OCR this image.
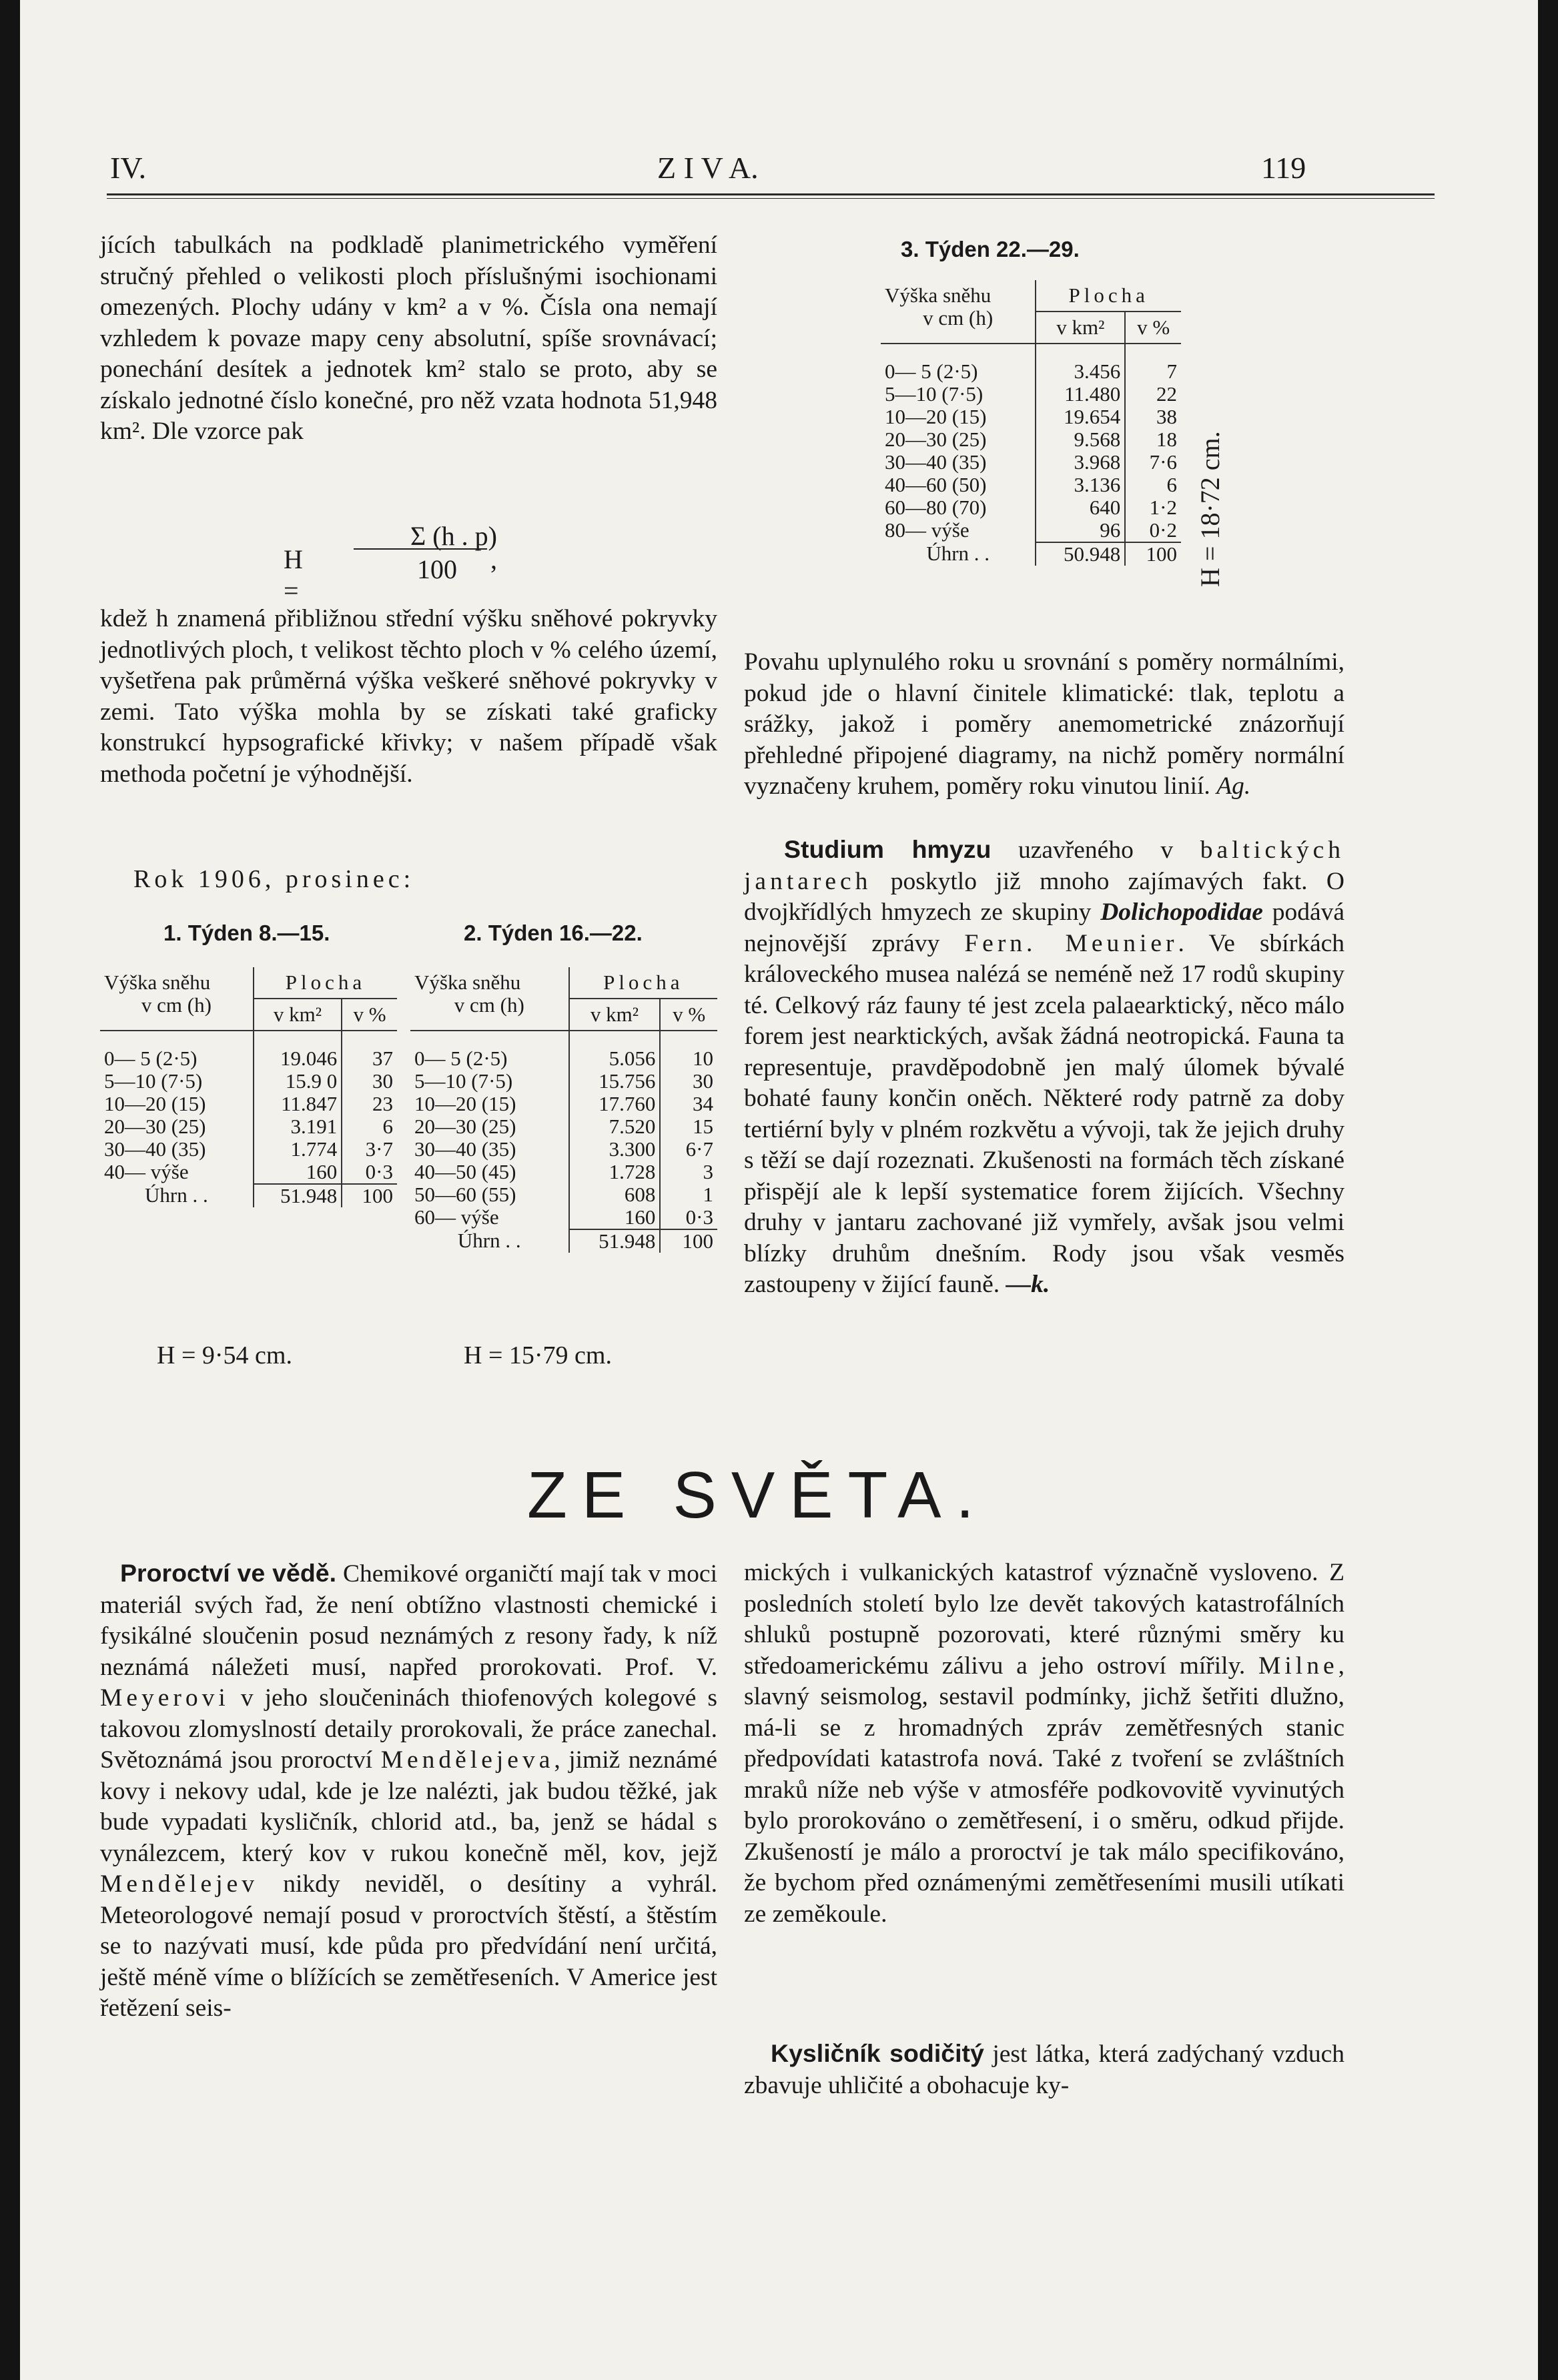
IV.	Z I V A.	119

jících tabulkách na podkladě planimetrického vyměření stručný přehled o velikosti ploch příslušnými isochionami omezených. Plochy udány v km² a v %. Čísla ona nemají vzhledem k povaze mapy ceny absolutní, spíše srovnávací; ponechání desítek a jednotek km² stalo se proto, aby se získalo jednotné číslo konečné, pro něž vzata hodnota 51,948 km². Dle vzorce pak

H =
Σ (h . p)
100 ,

kdež h znamená přibližnou střední výšku sněhové pokryvky jednotlivých ploch, t velikost těchto ploch v % celého území, vyšetřena pak průměrná výška veškeré sněhové pokryvky v zemi. Tato výška mohla by se získati také graficky konstrukcí hypsografické křivky; v našem případě však methoda početní je výhodnější.

Rok 1906, prosinec:
1. Týden 8.—15.
Výška sněhu
v cm (h)	Plocha	
	v km²	v %
0— 5 (2·5)	19.046	37
5—10 (7·5)	15.9 0	30
10—20 (15)	11.847	23
20—30 (25)	3.191	6
30—40 (35)	1.774	3·7
40— výše	160	0·3
Úhrn . .	51.948	100
H = 9·54 cm.
2. Týden 16.—22.
Výška sněhu
v cm (h)	Plocha	
	v km²	v %
0— 5 (2·5)	5.056	10
5—10 (7·5)	15.756	30
10—20 (15)	17.760	34
20—30 (25)	7.520	15
30—40 (35)	3.300	6·7
40—50 (45)	1.728	3
50—60 (55)	608	1
60— výše	160	0·3
Úhrn . .	51.948	100
H = 15·79 cm.
3. Týden 22.—29.
Výška sněhu
v cm (h)	Plocha	
	v km²	v %
0— 5 (2·5)	3.456	7
5—10 (7·5)	11.480	22
10—20 (15)	19.654	38
20—30 (25)	9.568	18
30—40 (35)	3.968	7·6
40—60 (50)	3.136	6
60—80 (70)	640	1·2
80— výše	96	0·2
Úhrn . .	50.948	100 H = 18·72 cm.

Povahu uplynulého roku u srovnání s poměry normálními, pokud jde o hlavní činitele klimatické: tlak, teplotu a srážky, jakož i poměry anemometrické znázorňují přehledné připojené diagramy, na nichž poměry normální vyznačeny kruhem, poměry roku vinutou linií. Ag.

Studium hmyzu uzavřeného v baltických jantarech poskytlo již mnoho zajímavých fakt. O dvojkřídlých hmyzech ze skupiny Dolichopodidae podává nejnovější zprávy Fern. Meunier. Ve sbírkách královeckého musea nalézá se neméně než 17 rodů skupiny té. Celkový ráz fauny té jest zcela palaearktický, něco málo forem jest nearktických, avšak žádná neotropická. Fauna ta representuje, pravděpodobně jen malý úlomek bývalé bohaté fauny končin oněch. Některé rody patrně za doby tertiérní byly v plném rozkvětu a vývoji, tak že jejich druhy s těží se dají rozeznati. Zkušenosti na formách těch získané přispějí ale k lepší systematice forem žijících. Všechny druhy v jantaru zachované již vymřely, avšak jsou velmi blízky druhům dnešním. Rody jsou však vesměs zastoupeny v žijící fauně. —k.

ZE SVĚTA.

Proroctví ve vědě. Chemikové organičtí mají tak v moci materiál svých řad, že není obtížno vlastnosti chemické i fysikálné sloučenin posud neznámých z resony řady, k níž neznámá náležeti musí, napřed prorokovati. Prof. V. Meyerovi v jeho sloučeninách thiofenových kolegové s takovou zlomyslností detaily prorokovali, že práce zanechal. Světoznámá jsou proroctví Mendělejeva, jimiž neznámé kovy i nekovy udal, kde je lze nalézti, jak budou těžké, jak bude vypadati kysličník, chlorid atd., ba, jenž se hádal s vynálezcem, který kov v rukou konečně měl, kov, jejž Mendělejev nikdy neviděl, o desítiny a vyhrál. Meteorologové nemají posud v proroctvích štěstí, a štěstím se to nazývati musí, kde půda pro předvídání není určitá, ještě méně víme o blížících se zemětřeseních. V Americe jest řetězení seis-

mických i vulkanických katastrof význačně vysloveno. Z posledních století bylo lze devět takových katastrofálních shluků postupně pozorovati, které různými směry ku středoamerickému zálivu a jeho ostroví mířily. Milne, slavný seismolog, sestavil podmínky, jichž šetřiti dlužno, má-li se z hromadných zpráv zemětřesných stanic předpovídati katastrofa nová. Také z tvoření se zvláštních mraků níže neb výše v atmosféře podkovovitě vyvinutých bylo prorokováno o zemětřesení, i o směru, odkud přijde. Zkušeností je málo a proroctví je tak málo specifikováno, že bychom před oznámenými zemětřeseními musili utíkati ze zeměkoule.

Kysličník sodičitý jest látka, která zadýchaný vzduch zbavuje uhličité a obohacuje ky-
